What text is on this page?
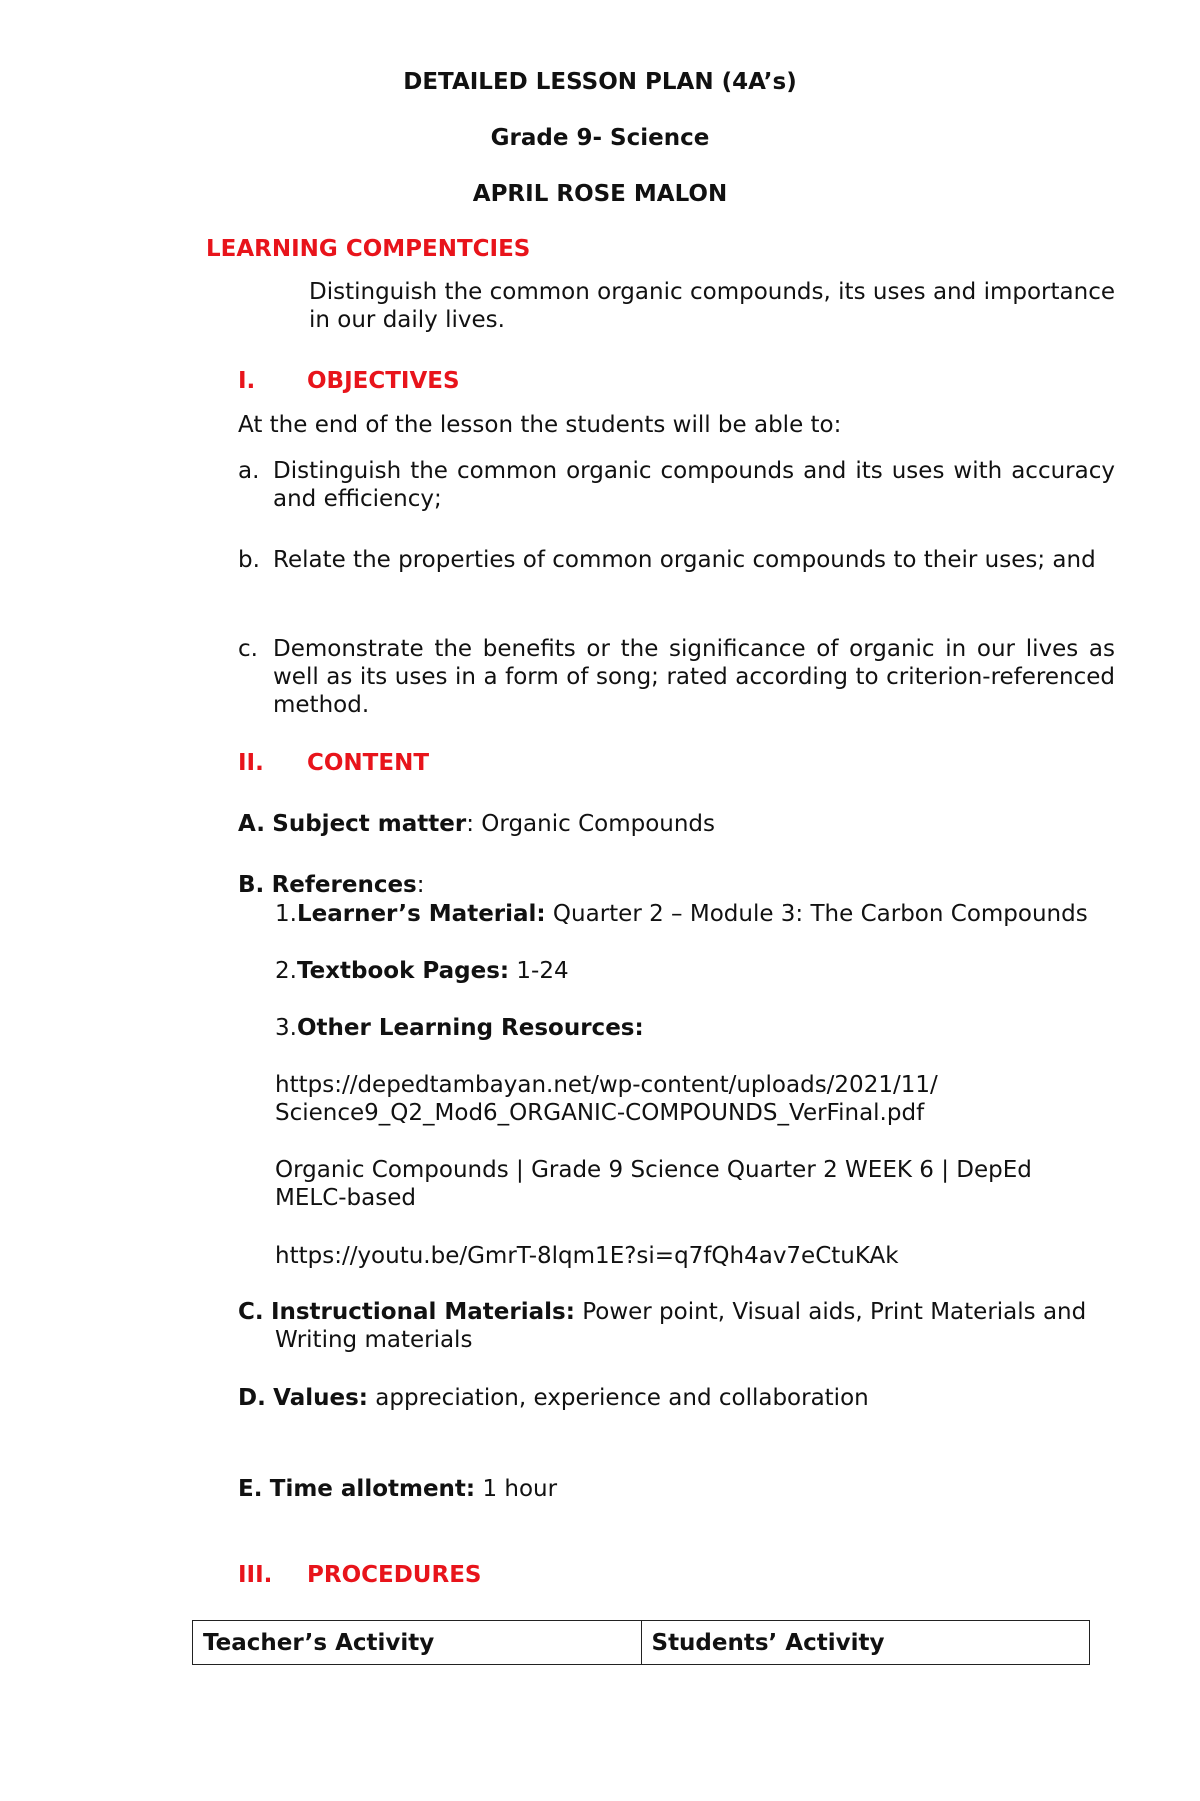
DETAILED LESSON PLAN (4A’s)
Grade 9- Science
APRIL ROSE MALON
LEARNING COMPENTCIES
Distinguish the common organic compounds, its uses and importance in our daily lives.
I. OBJECTIVES
At the end of the lesson the students will be able to:
a. Distinguish the common organic compounds and its uses with accuracy and efficiency;
b. Relate the properties of common organic compounds to their uses; and
c. Demonstrate the benefits or the significance of organic in our lives as well as its uses in a form of song; rated according to criterion-referenced method.
II. CONTENT
A. Subject matter: Organic Compounds
B. References:
1.Learner’s Material: Quarter 2 – Module 3: The Carbon Compounds
2.Textbook Pages: 1-24
3.Other Learning Resources:
https://depedtambayan.net/wp-content/uploads/2021/11/
Science9_Q2_Mod6_ORGANIC-COMPOUNDS_VerFinal.pdf
Organic Compounds | Grade 9 Science Quarter 2 WEEK 6 | DepEd
MELC-based
https://youtu.be/GmrT-8lqm1E?si=q7fQh4av7eCtuKAk
C. Instructional Materials: Power point, Visual aids, Print Materials and
Writing materials
D. Values: appreciation, experience and collaboration
E. Time allotment: 1 hour
III. PROCEDURES
Teacher’s Activity	Students’ Activity
